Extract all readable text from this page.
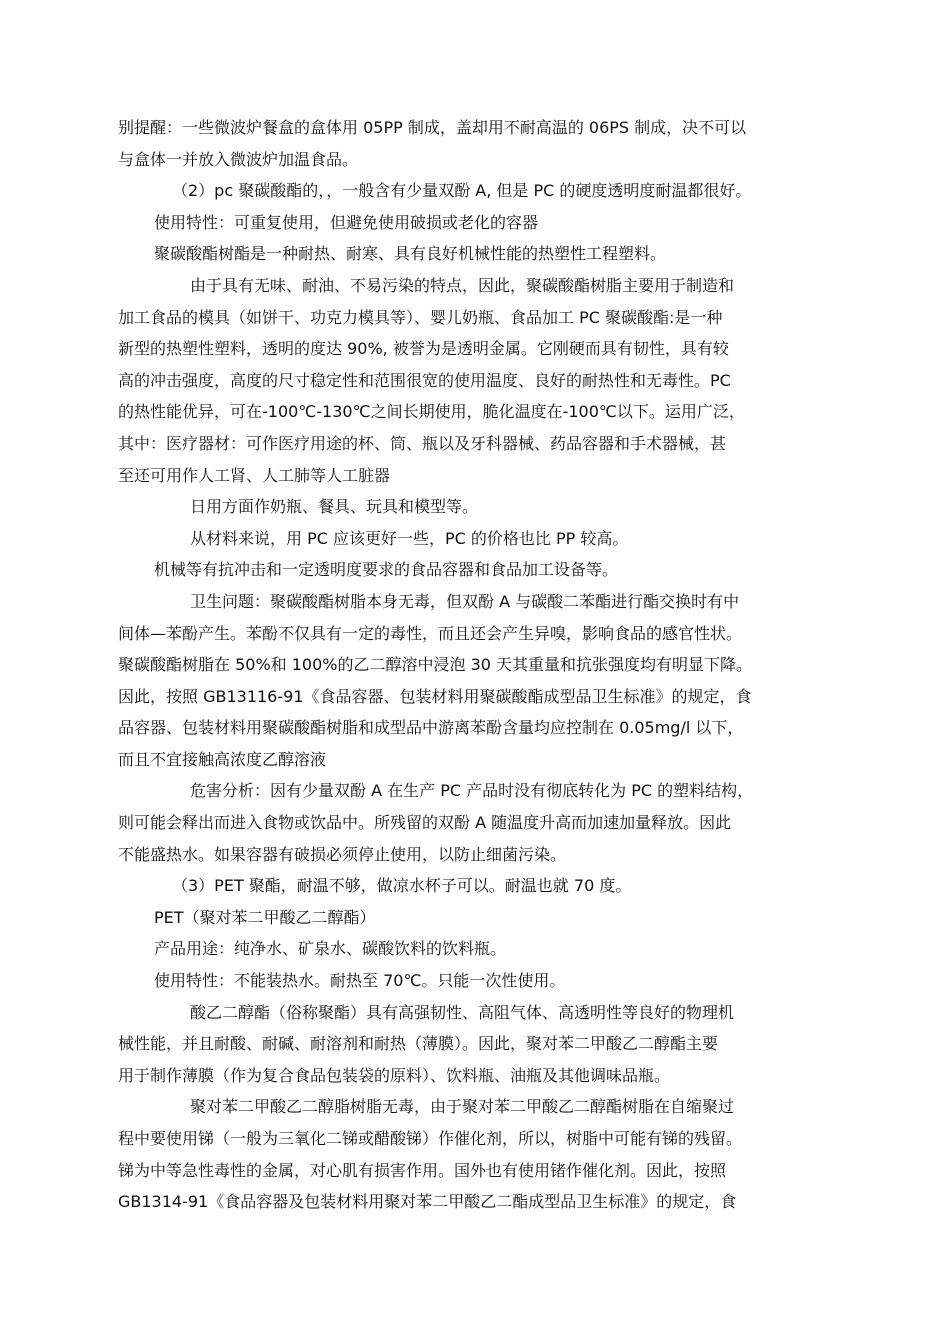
别提醒：一些微波炉餐盒的盒体用 05PP 制成，盖却用不耐高温的 06PS 制成，决不可以
与盒体一并放入微波炉加温食品。
（2）pc 聚碳酸酯的，，一般含有少量双酚 A, 但是 PC 的硬度透明度耐温都很好。
使用特性：可重复使用，但避免使用破损或老化的容器
聚碳酸酯树酯是一种耐热、耐寒、具有良好机械性能的热塑性工程塑料。
由于具有无味、耐油、不易污染的特点，因此，聚碳酸酯树脂主要用于制造和
加工食品的模具（如饼干、功克力模具等）、婴儿奶瓶、食品加工 PC 聚碳酸酯:是一种
新型的热塑性塑料，透明的度达 90%, 被誉为是透明金属。它刚硬而具有韧性，具有较
高的冲击强度，高度的尺寸稳定性和范围很宽的使用温度、良好的耐热性和无毒性。PC
的热性能优异，可在-100℃-130℃之间长期使用，脆化温度在-100℃以下。运用广泛，
其中：医疗器材：可作医疗用途的杯、筒、瓶以及牙科器械、药品容器和手术器械，甚
至还可用作人工肾、人工肺等人工脏器
日用方面作奶瓶、餐具、玩具和模型等。
从材料来说，用 PC 应该更好一些，PC 的价格也比 PP 较高。
机械等有抗冲击和一定透明度要求的食品容器和食品加工设备等。
卫生问题：聚碳酸酯树脂本身无毒，但双酚 A 与碳酸二苯酯进行酯交换时有中
间体—苯酚产生。苯酚不仅具有一定的毒性，而且还会产生异嗅，影响食品的感官性状。
聚碳酸酯树脂在 50%和 100%的乙二醇溶中浸泡 30 天其重量和抗张强度均有明显下降。
因此，按照 GB13116-91《食品容器、包装材料用聚碳酸酯成型品卫生标准》的规定，食
品容器、包装材料用聚碳酸酯树脂和成型品中游离苯酚含量均应控制在 0.05mg/l 以下，
而且不宜接触高浓度乙醇溶液
危害分析：因有少量双酚 A 在生产 PC 产品时没有彻底转化为 PC 的塑料结构，
则可能会释出而进入食物或饮品中。所残留的双酚 A 随温度升高而加速加量释放。因此
不能盛热水。如果容器有破损必须停止使用，以防止细菌污染。
（3）PET 聚酯，耐温不够，做凉水杯子可以。耐温也就 70 度。
PET（聚对苯二甲酸乙二醇酯）
产品用途：纯净水、矿泉水、碳酸饮料的饮料瓶。
使用特性：不能装热水。耐热至 70℃。只能一次性使用。
酸乙二醇酯（俗称聚酯）具有高强韧性、高阻气体、高透明性等良好的物理机
械性能，并且耐酸、耐碱、耐溶剂和耐热（薄膜）。因此，聚对苯二甲酸乙二醇酯主要
用于制作薄膜（作为复合食品包装袋的原料）、饮料瓶、油瓶及其他调味品瓶。
聚对苯二甲酸乙二醇脂树脂无毒，由于聚对苯二甲酸乙二醇酯树脂在自缩聚过
程中要使用锑（一般为三氧化二锑或醋酸锑）作催化剂，所以，树脂中可能有锑的残留。
锑为中等急性毒性的金属，对心肌有损害作用。国外也有使用锗作催化剂。因此，按照
GB1314-91《食品容器及包装材料用聚对苯二甲酸乙二酯成型品卫生标准》的规定，食
